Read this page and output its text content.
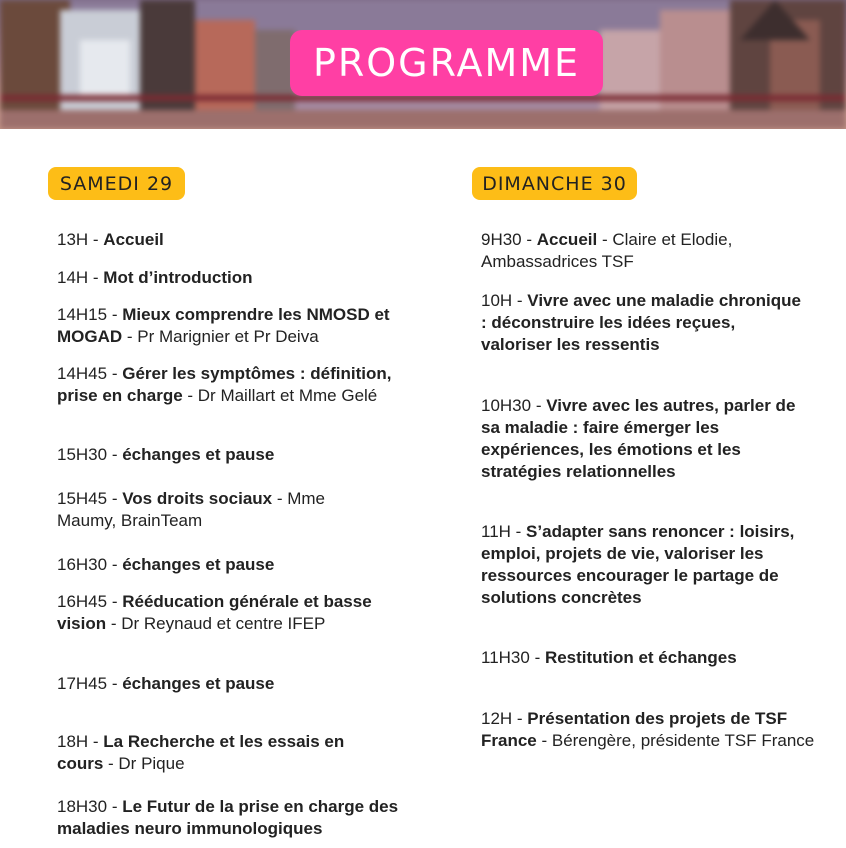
PROGRAMME
SAMEDI 29	DIMANCHE 30
13H - Accueil
14H - Mot d’introduction
14H15 - Mieux comprendre les NMOSD et MOGAD - Pr Marignier et Pr Deiva
14H45 - Gérer les symptômes : définition, prise en charge - Dr Maillart et Mme Gelé
15H30 - échanges et pause
15H45 - Vos droits sociaux - Mme Maumy, BrainTeam
16H30 - échanges et pause
16H45 - Rééducation générale et basse vision - Dr Reynaud et centre IFEP
17H45 - échanges et pause
18H - La Recherche et les essais en cours - Dr Pique
18H30 - Le Futur de la prise en charge des maladies neuro immunologiques
9H30 - Accueil - Claire et Elodie, Ambassadrices TSF
10H - Vivre avec une maladie chronique : déconstruire les idées reçues, valoriser les ressentis
10H30 - Vivre avec les autres, parler de sa maladie : faire émerger les expériences, les émotions et les stratégies relationnelles
11H - S’adapter sans renoncer : loisirs, emploi, projets de vie, valoriser les ressources encourager le partage de solutions concrètes
11H30 - Restitution et échanges
12H - Présentation des projets de TSF France - Bérengère, présidente TSF France
